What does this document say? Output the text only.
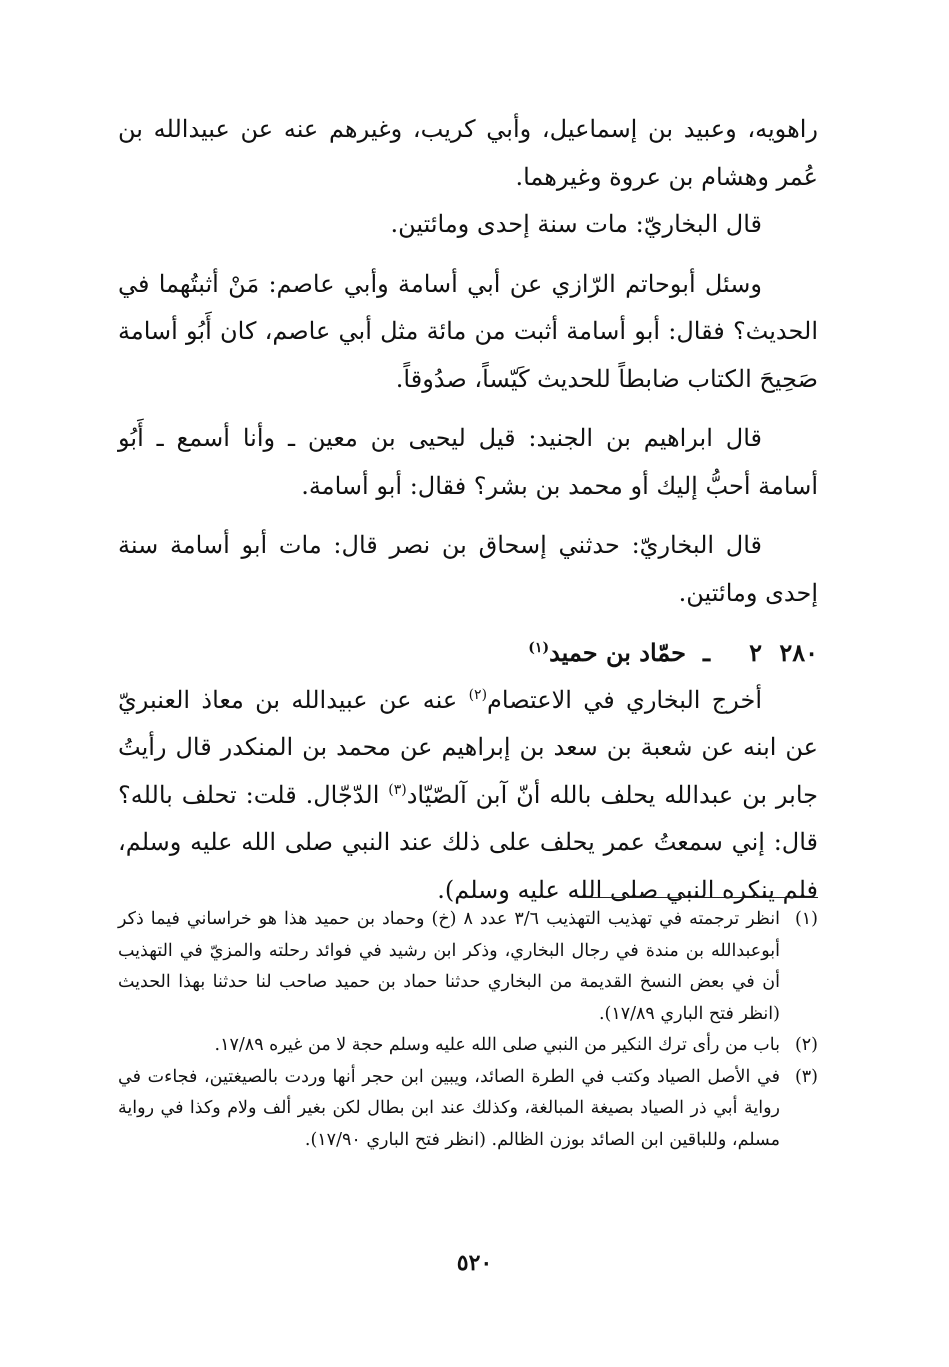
راهويه، وعبيد بن إسماعيل، وأبي كريب، وغيرهم عنه عن عبيدالله بن عُمر وهشام بن عروة وغيرهما.

قال البخاريّ: مات سنة إحدى ومائتين.

وسئل أبوحاتم الرّازي عن أبي أسامة وأبي عاصم: مَنْ أثبتُهما في الحديث؟ فقال: أبو أسامة أثبت من مائة مثل أبي عاصم، كان أَبُو أسامة صَحِيحَ الكتاب ضابطاً للحديث كَيّساً، صدُوقاً.

قال ابراهيم بن الجنيد: قيل ليحيى بن معين ـ وأنا أسمع ـ أَبُو أسامة أحبُّ إليك أو محمد بن بشر؟ فقال: أبو أسامة.

قال البخاريّ: حدثني إسحاق بن نصر قال: مات أبو أسامة سنة إحدى ومائتين.

٢٨٠
٢
ـ
حمّاد بن حميد$^{(١)}$

أخرج البخاري في الاعتصام$^{(٢)}$ عنه عن عبيدالله بن معاذ العنبريّ عن ابنه عن شعبة بن سعد بن إبراهيم عن محمد بن المنكدر قال رأيتُ جابر بن عبدالله يحلف بالله أنّ آبن آلصّيّاد$^{(٣)}$ الدّجّال. قلت: تحلف بالله؟ قال: إني سمعتُ عمر يحلف على ذلك عند النبي صلى الله عليه وسلم، فلم ينكره النبي صلى الله عليه وسلم).

(١)
انظر ترجمته في تهذيب التهذيب ٣/٦ عدد ٨ (خ) وحماد بن حميد هذا هو خراساني فيما ذكر أبوعبدالله بن مندة في رجال البخاري، وذكر ابن رشيد في فوائد رحلته والمزيّ في التهذيب أن في بعض النسخ القديمة من البخاري حدثنا حماد بن حميد صاحب لنا حدثنا بهذا الحديث (انظر فتح الباري ١٧/٨٩).
(٢)
باب من رأى ترك النكير من النبي صلى الله عليه وسلم حجة لا من غيره ١٧/٨٩.
(٣)
في الأصل الصياد وكتب في الطرة الصائد، ويبين ابن حجر أنها وردت بالصيغتين، فجاءت في رواية أبي ذر الصياد بصيغة المبالغة، وكذلك عند ابن بطال لكن بغير ألف ولام وكذا في رواية مسلم، وللباقين ابن الصائد بوزن الظالم. (انظر فتح الباري ١٧/٩٠).
٥٢٠
